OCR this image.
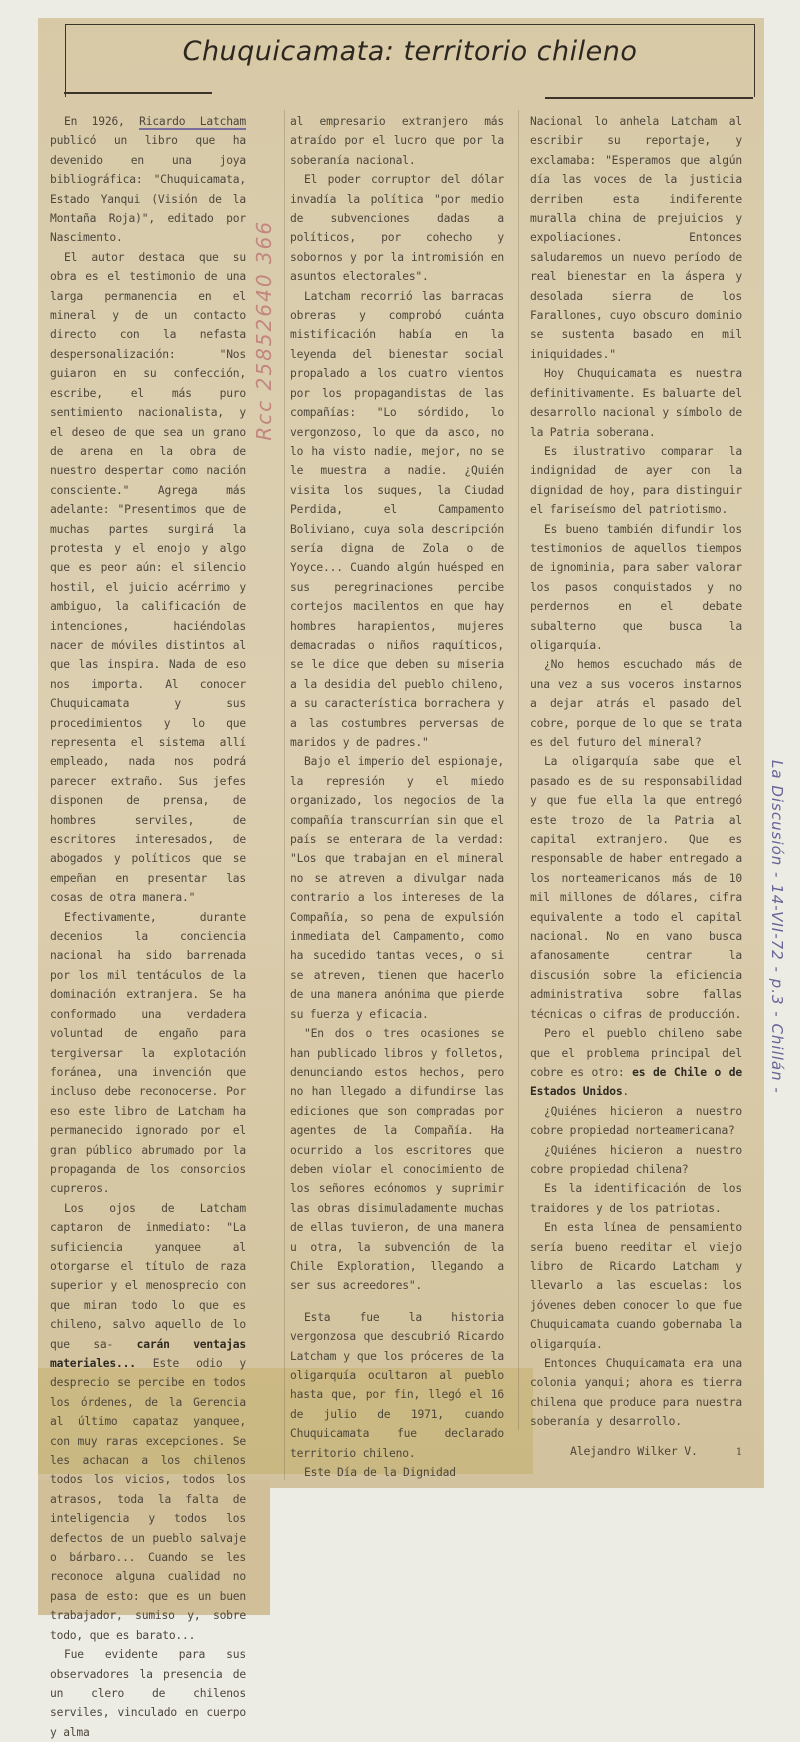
Chuquicamata: territorio chileno

En 1926, Ricardo Latcham publicó un libro que ha devenido en una joya bibliográfica: "Chuquicamata, Estado Yanqui (Visión de la Montaña Roja)", editado por Nascimento.

El autor destaca que su obra es el testimonio de una larga permanencia en el mineral y de un contacto directo con la nefasta despersonalización: "Nos guiaron en su confección, escribe, el más puro sentimiento nacionalista, y el deseo de que sea un grano de arena en la obra de nuestro despertar como nación consciente." Agrega más adelante: "Presentimos que de muchas partes surgirá la protesta y el enojo y algo que es peor aún: el silencio hostil, el juicio acérrimo y ambiguo, la calificación de intenciones, haciéndolas nacer de móviles distintos al que las inspira. Nada de eso nos importa. Al conocer Chuquicamata y sus procedimientos y lo que representa el sistema allí empleado, nada nos podrá parecer extraño. Sus jefes disponen de prensa, de hombres serviles, de escritores interesados, de abogados y políticos que se empeñan en presentar las cosas de otra manera."

Efectivamente, durante decenios la conciencia nacional ha sido barrenada por los mil tentáculos de la dominación extranjera. Se ha conformado una verdadera voluntad de engaño para tergiversar la explotación foránea, una invención que incluso debe reconocerse. Por eso este libro de Latcham ha permanecido ignorado por el gran público abrumado por la propaganda de los consorcios cupreros.

Los ojos de Latcham captaron de inmediato: "La suficiencia yanquee al otorgarse el título de raza superior y el menosprecio con que miran todo lo que es chileno, salvo aquello de lo que sa- carán ventajas materiales... Este odio y desprecio se percibe en todos los órdenes, de la Gerencia al último capataz yanquee, con muy raras excepciones. Se les achacan a los chilenos todos los vicios, todos los atrasos, toda la falta de inteligencia y todos los defectos de un pueblo salvaje o bárbaro... Cuando se les reconoce alguna cualidad no pasa de esto: que es un buen trabajador, sumiso y, sobre todo, que es barato...

Fue evidente para sus observadores la presencia de un clero de chilenos serviles, vinculado en cuerpo y alma

al empresario extranjero más atraído por el lucro que por la soberanía nacional.

El poder corruptor del dólar invadía la política "por medio de subvenciones dadas a políticos, por cohecho y sobornos y por la intromisión en asuntos electorales".

Latcham recorrió las barracas obreras y comprobó cuánta mistificación había en la leyenda del bienestar social propalado a los cuatro vientos por los propagandistas de las compañías: "Lo sórdido, lo vergonzoso, lo que da asco, no lo ha visto nadie, mejor, no se le muestra a nadie. ¿Quién visita los suques, la Ciudad Perdida, el Campamento Boliviano, cuya sola descripción sería digna de Zola o de Yoyce... Cuando algún huésped en sus peregrinaciones percibe cortejos macilentos en que hay hombres harapientos, mujeres demacradas o niños raquíticos, se le dice que deben su miseria a la desidia del pueblo chileno, a su característica borrachera y a las costumbres perversas de maridos y de padres."

Bajo el imperio del espionaje, la represión y el miedo organizado, los negocios de la compañía transcurrían sin que el país se enterara de la verdad: "Los que trabajan en el mineral no se atreven a divulgar nada contrario a los intereses de la Compañía, so pena de expulsión inmediata del Campamento, como ha sucedido tantas veces, o si se atreven, tienen que hacerlo de una manera anónima que pierde su fuerza y eficacia.

"En dos o tres ocasiones se han publicado libros y folletos, denunciando estos hechos, pero no han llegado a difundirse las ediciones que son compradas por agentes de la Compañía. Ha ocurrido a los escritores que deben violar el conocimiento de los señores ecónomos y suprimir las obras disimuladamente muchas de ellas tuvieron, de una manera u otra, la subvención de la Chile Exploration, llegando a ser sus acreedores".

Esta fue la historia vergonzosa que descubrió Ricardo Latcham y que los próceres de la oligarquía ocultaron al pueblo hasta que, por fin, llegó el 16 de julio de 1971, cuando Chuquicamata fue declarado territorio chileno.

Este Día de la Dignidad

Nacional lo anhela Latcham al escribir su reportaje, y exclamaba: "Esperamos que algún día las voces de la justicia derriben esta indiferente muralla china de prejuicios y expoliaciones. Entonces saludaremos un nuevo período de real bienestar en la áspera y desolada sierra de los Farallones, cuyo obscuro dominio se sustenta basado en mil iniquidades."

Hoy Chuquicamata es nuestra definitivamente. Es baluarte del desarrollo nacional y símbolo de la Patria soberana.

Es ilustrativo comparar la indignidad de ayer con la dignidad de hoy, para distinguir el fariseísmo del patriotismo.

Es bueno también difundir los testimonios de aquellos tiempos de ignominia, para saber valorar los pasos conquistados y no perdernos en el debate subalterno que busca la oligarquía.

¿No hemos escuchado más de una vez a sus voceros instarnos a dejar atrás el pasado del cobre, porque de lo que se trata es del futuro del mineral?

La oligarquía sabe que el pasado es de su responsabilidad y que fue ella la que entregó este trozo de la Patria al capital extranjero. Que es responsable de haber entregado a los norteamericanos más de 10 mil millones de dólares, cifra equivalente a todo el capital nacional. No en vano busca afanosamente centrar la discusión sobre la eficiencia administrativa sobre fallas técnicas o cifras de producción.

Pero el pueblo chileno sabe que el problema principal del cobre es otro: es de Chile o de Estados Unidos.

¿Quiénes hicieron a nuestro cobre propiedad norteamericana?

¿Quiénes hicieron a nuestro cobre propiedad chilena?

Es la identificación de los traidores y de los patriotas.

En esta línea de pensamiento sería bueno reeditar el viejo libro de Ricardo Latcham y llevarlo a las escuelas: los jóvenes deben conocer lo que fue Chuquicamata cuando gobernaba la oligarquía.

Entonces Chuquicamata era una colonia yanqui; ahora es tierra chilena que produce para nuestra soberanía y desarrollo.

Alejandro Wilker V.	1
Rcc 25852640 366
La Discusión - 14-VII-72 - p.3 - Chillán -
